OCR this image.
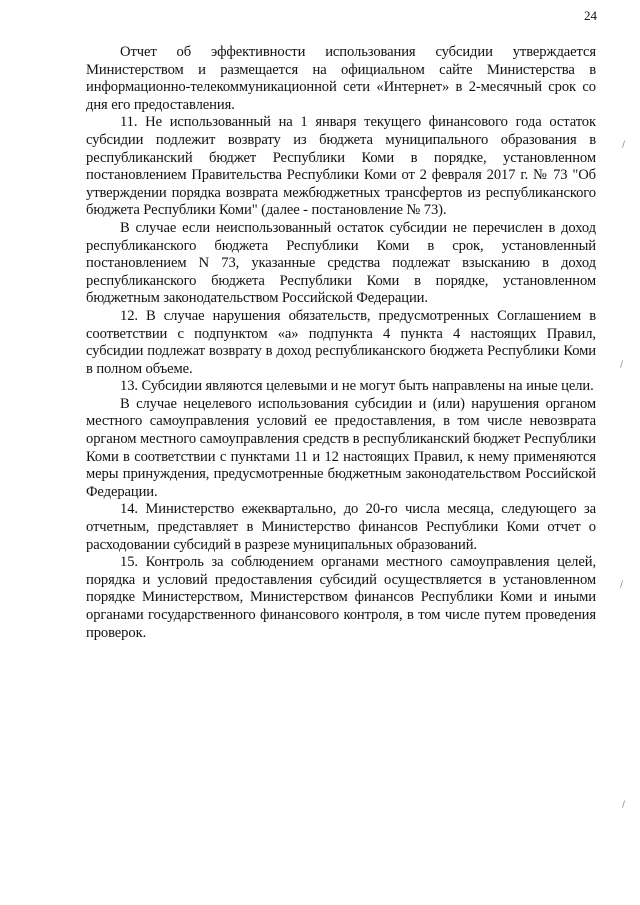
24

Отчет об эффективности использования субсидии утверждается Министерством и размещается на официальном сайте Министерства в информационно-телекоммуникационной сети «Интернет» в 2-месячный срок со дня его предоставления.

11. Не использованный на 1 января текущего финансового года остаток субсидии подлежит возврату из бюджета муниципального образования в республиканский бюджет Республики Коми в порядке, установленном постановлением Правительства Республики Коми от 2 февраля 2017 г. № 73 "Об утверждении порядка возврата межбюджетных трансфертов из республиканского бюджета Республики Коми" (далее - постановление № 73).

В случае если неиспользованный остаток субсидии не перечислен в доход республиканского бюджета Республики Коми в срок, установленный постановлением N 73, указанные средства подлежат взысканию в доход республиканского бюджета Республики Коми в порядке, установленном бюджетным законодательством Российской Федерации.

12. В случае нарушения обязательств, предусмотренных Соглашением в соответствии с подпунктом «а» подпункта 4 пункта 4 настоящих Правил, субсидии подлежат возврату в доход республиканского бюджета Республики Коми в полном объеме.

13. Субсидии являются целевыми и не могут быть направлены на иные цели.

В случае нецелевого использования субсидии и (или) нарушения органом местного самоуправления условий ее предоставления, в том числе невозврата органом местного самоуправления средств в республиканский бюджет Республики Коми в соответствии с пунктами 11 и 12 настоящих Правил, к нему применяются меры принуждения, предусмотренные бюджетным законодательством Российской Федерации.

14. Министерство ежеквартально, до 20-го числа месяца, следующего за отчетным, представляет в Министерство финансов Республики Коми отчет о расходовании субсидий в разрезе муниципальных образований.

15. Контроль за соблюдением органами местного самоуправления целей, порядка и условий предоставления субсидий осуществляется в установленном порядке Министерством, Министерством финансов Республики Коми и иными органами государственного финансового контроля, в том числе путем проведения проверок.

/
/
/
/
